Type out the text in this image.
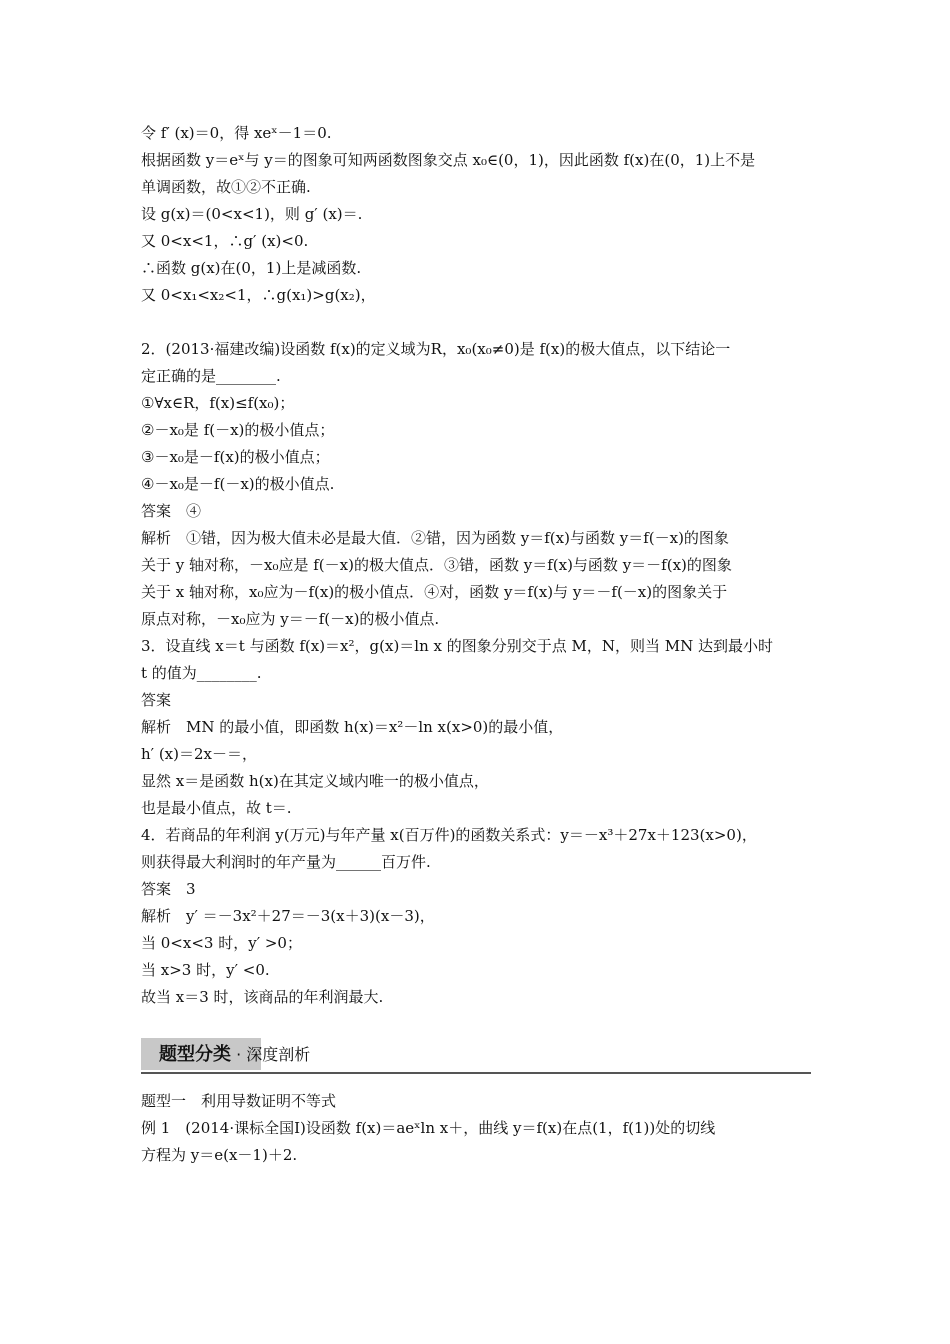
令 f′ (x)＝0，得 xeˣ－1＝0.
根据函数 y＝eˣ与 y＝的图象可知两函数图象交点 x₀∈(0，1)，因此函数 f(x)在(0，1)上不是
单调函数，故①②不正确.
设 g(x)＝(0<x<1)，则 g′ (x)＝.
又 0<x<1，∴g′ (x)<0.
∴函数 g(x)在(0，1)上是减函数.
又 0<x₁<x₂<1，∴g(x₁)>g(x₂)，

2．(2013·福建改编)设函数 f(x)的定义域为R，x₀(x₀≠0)是 f(x)的极大值点，以下结论一
定正确的是________.
①∀x∈R，f(x)≤f(x₀)；
②－x₀是 f(－x)的极小值点；
③－x₀是－f(x)的极小值点；
④－x₀是－f(－x)的极小值点.
答案　④
解析　①错，因为极大值未必是最大值．②错，因为函数 y＝f(x)与函数 y＝f(－x)的图象
关于 y 轴对称，－x₀应是 f(－x)的极大值点．③错，函数 y＝f(x)与函数 y＝－f(x)的图象
关于 x 轴对称，x₀应为－f(x)的极小值点．④对，函数 y＝f(x)与 y＝－f(－x)的图象关于
原点对称，－x₀应为 y＝－f(－x)的极小值点.
3．设直线 x＝t 与函数 f(x)＝x²，g(x)＝ln x 的图象分别交于点 M，N，则当 MN 达到最小时
t 的值为________.
答案
解析　MN 的最小值，即函数 h(x)＝x²－ln x(x>0)的最小值，
h′ (x)＝2x－＝，
显然 x＝是函数 h(x)在其定义域内唯一的极小值点，
也是最小值点，故 t＝.
4．若商品的年利润 y(万元)与年产量 x(百万件)的函数关系式：y＝－x³＋27x＋123(x>0)，
则获得最大利润时的年产量为______百万件.
答案　3
解析　y′ ＝－3x²＋27＝－3(x＋3)(x－3)，
当 0<x<3 时，y′ >0；
当 x>3 时，y′ <0.
故当 x＝3 时，该商品的年利润最大.
题型分类 · 深度剖析
题型一　利用导数证明不等式
例 1　(2014·课标全国Ⅰ)设函数 f(x)＝aeˣln x＋，曲线 y＝f(x)在点(1，f(1))处的切线
方程为 y＝e(x－1)＋2.
